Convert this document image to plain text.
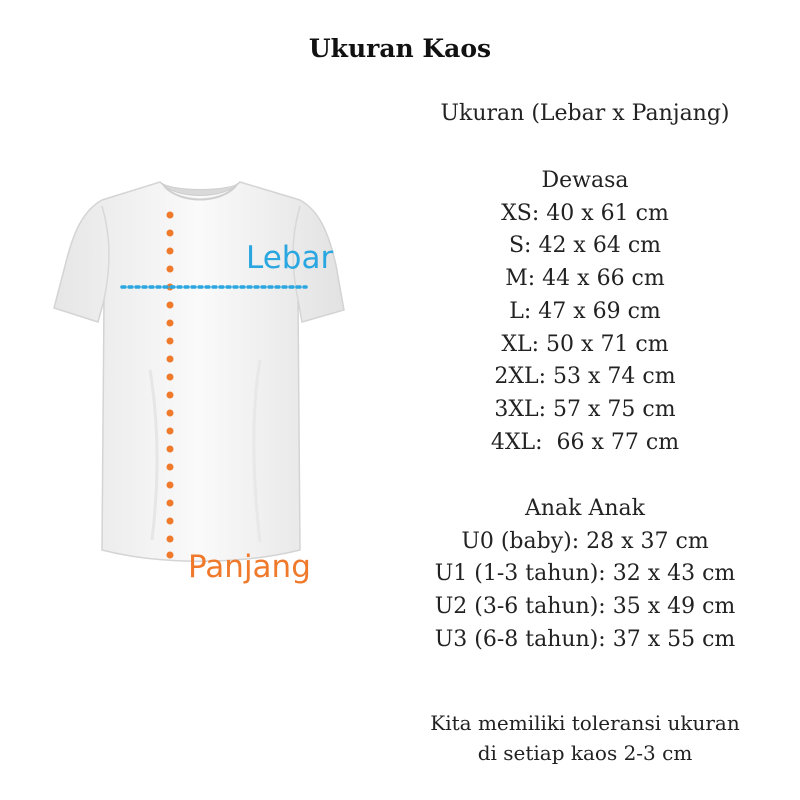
Ukuran Kaos
Lebar
Panjang
Ukuran (Lebar x Panjang)
Dewasa
XS: 40 x 61 cm
S: 42 x 64 cm
M: 44 x 66 cm
L: 47 x 69 cm
XL: 50 x 71 cm
2XL: 53 x 74 cm
3XL: 57 x 75 cm
4XL:  66 x 77 cm
Anak Anak
U0 (baby): 28 x 37 cm
U1 (1-3 tahun): 32 x 43 cm
U2 (3-6 tahun): 35 x 49 cm
U3 (6-8 tahun): 37 x 55 cm
Kita memiliki toleransi ukuran
di setiap kaos 2-3 cm
